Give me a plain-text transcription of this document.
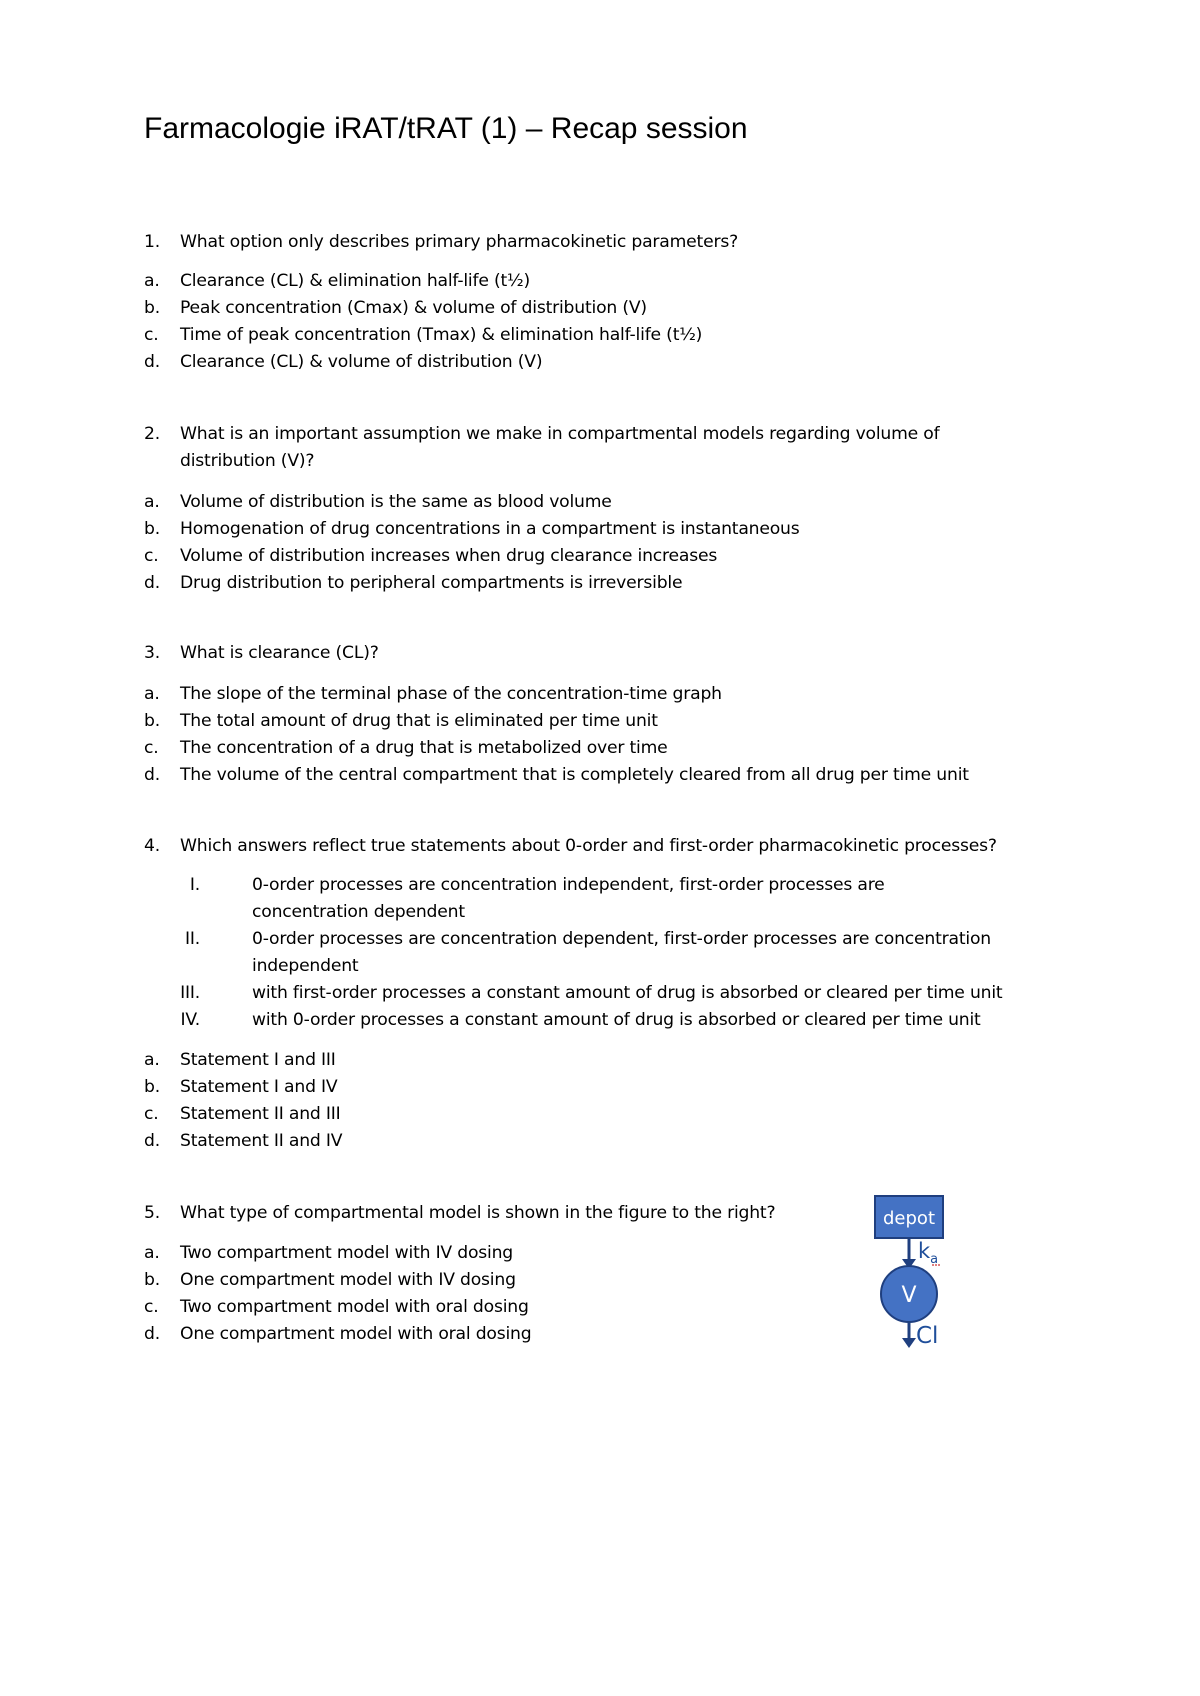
Farmacologie iRAT/tRAT (1) – Recap session
1.	What option only describes primary pharmacokinetic parameters?
a.	Clearance (CL) & elimination half-life (t½)
b.	Peak concentration (Cmax) & volume of distribution (V)
c.	Time of peak concentration (Tmax) & elimination half-life (t½)
d.	Clearance (CL) & volume of distribution (V)
2.	What is an important assumption we make in compartmental models regarding volume of
distribution (V)?
a.	Volume of distribution is the same as blood volume
b.	Homogenation of drug concentrations in a compartment is instantaneous
c.	Volume of distribution increases when drug clearance increases
d.	Drug distribution to peripheral compartments is irreversible
3.	What is clearance (CL)?
a.	The slope of the terminal phase of the concentration-time graph
b.	The total amount of drug that is eliminated per time unit
c.	The concentration of a drug that is metabolized over time
d.	The volume of the central compartment that is completely cleared from all drug per time unit
4.	Which answers reflect true statements about 0-order and first-order pharmacokinetic processes?
I.	0-order processes are concentration independent, first-order processes are
concentration dependent
II.	0-order processes are concentration dependent, first-order processes are concentration
independent
III.	with first-order processes a constant amount of drug is absorbed or cleared per time unit
IV.	with 0-order processes a constant amount of drug is absorbed or cleared per time unit
a.	Statement I and III
b.	Statement I and IV
c.	Statement II and III
d.	Statement II and IV
5.	What type of compartmental model is shown in the figure to the right?
a.	Two compartment model with IV dosing
b.	One compartment model with IV dosing
c.	Two compartment model with oral dosing
d.	One compartment model with oral dosing
depot
$k_a$
V
Cl
